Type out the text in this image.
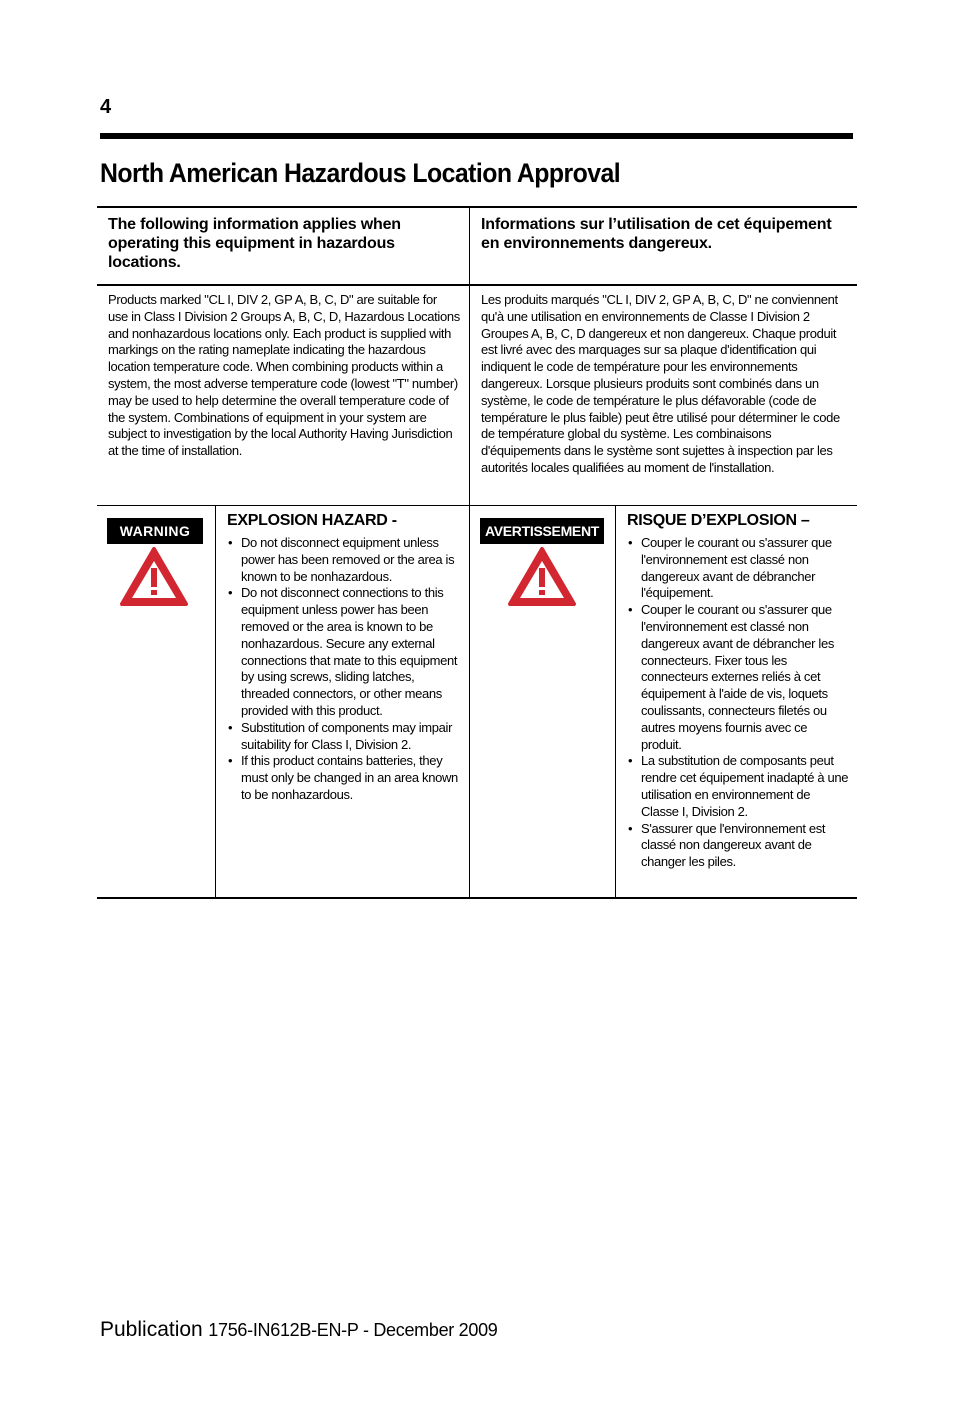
4
North American Hazardous Location Approval
The following information applies when operating this equipment in hazardous locations.
Informations sur l’utilisation de cet équipement en environnements dangereux.
Products marked "CL I, DIV 2, GP A, B, C, D" are suitable for use in Class I Division 2 Groups A, B, C, D, Hazardous Locations and nonhazardous locations only. Each product is supplied with markings on the rating nameplate indicating the hazardous location temperature code. When combining products within a system, the most adverse temperature code (lowest "T" number) may be used to help determine the overall temperature code of the system. Combinations of equipment in your system are subject to investigation by the local Authority Having Jurisdiction at the time of installation.
Les produits marqués "CL I, DIV 2, GP A, B, C, D" ne conviennent qu'à une utilisation en environnements de Classe I Division 2 Groupes A, B, C, D dangereux et non dangereux. Chaque produit est livré avec des marquages sur sa plaque d'identification qui indiquent le code de température pour les environnements dangereux. Lorsque plusieurs produits sont combinés dans un système, le code de température le plus défavorable (code de température le plus faible) peut être utilisé pour déterminer le code de température global du système. Les combinaisons d'équipements dans le système sont sujettes à inspection par les autorités locales qualifiées au moment de l'installation.
WARNING
EXPLOSION HAZARD -
• Do not disconnect equipment unless power has been removed or the area is known to be nonhazardous.
• Do not disconnect connections to this equipment unless power has been removed or the area is known to be nonhazardous. Secure any external connections that mate to this equipment by using screws, sliding latches, threaded connectors, or other means provided with this product.
• Substitution of components may impair suitability for Class I, Division 2.
• If this product contains batteries, they must only be changed in an area known to be nonhazardous.
AVERTISSEMENT
RISQUE D’EXPLOSION –
• Couper le courant ou s'assurer que l'environnement est classé non dangereux avant de débrancher l'équipement.
• Couper le courant ou s'assurer que l'environnement est classé non dangereux avant de débrancher les connecteurs. Fixer tous les connecteurs externes reliés à cet équipement à l'aide de vis, loquets coulissants, connecteurs filetés ou autres moyens fournis avec ce produit.
• La substitution de composants peut rendre cet équipement inadapté à une utilisation en environnement de Classe I, Division 2.
• S'assurer que l'environnement est classé non dangereux avant de changer les piles.
Publication 1756-IN612B-EN-P - December 2009
